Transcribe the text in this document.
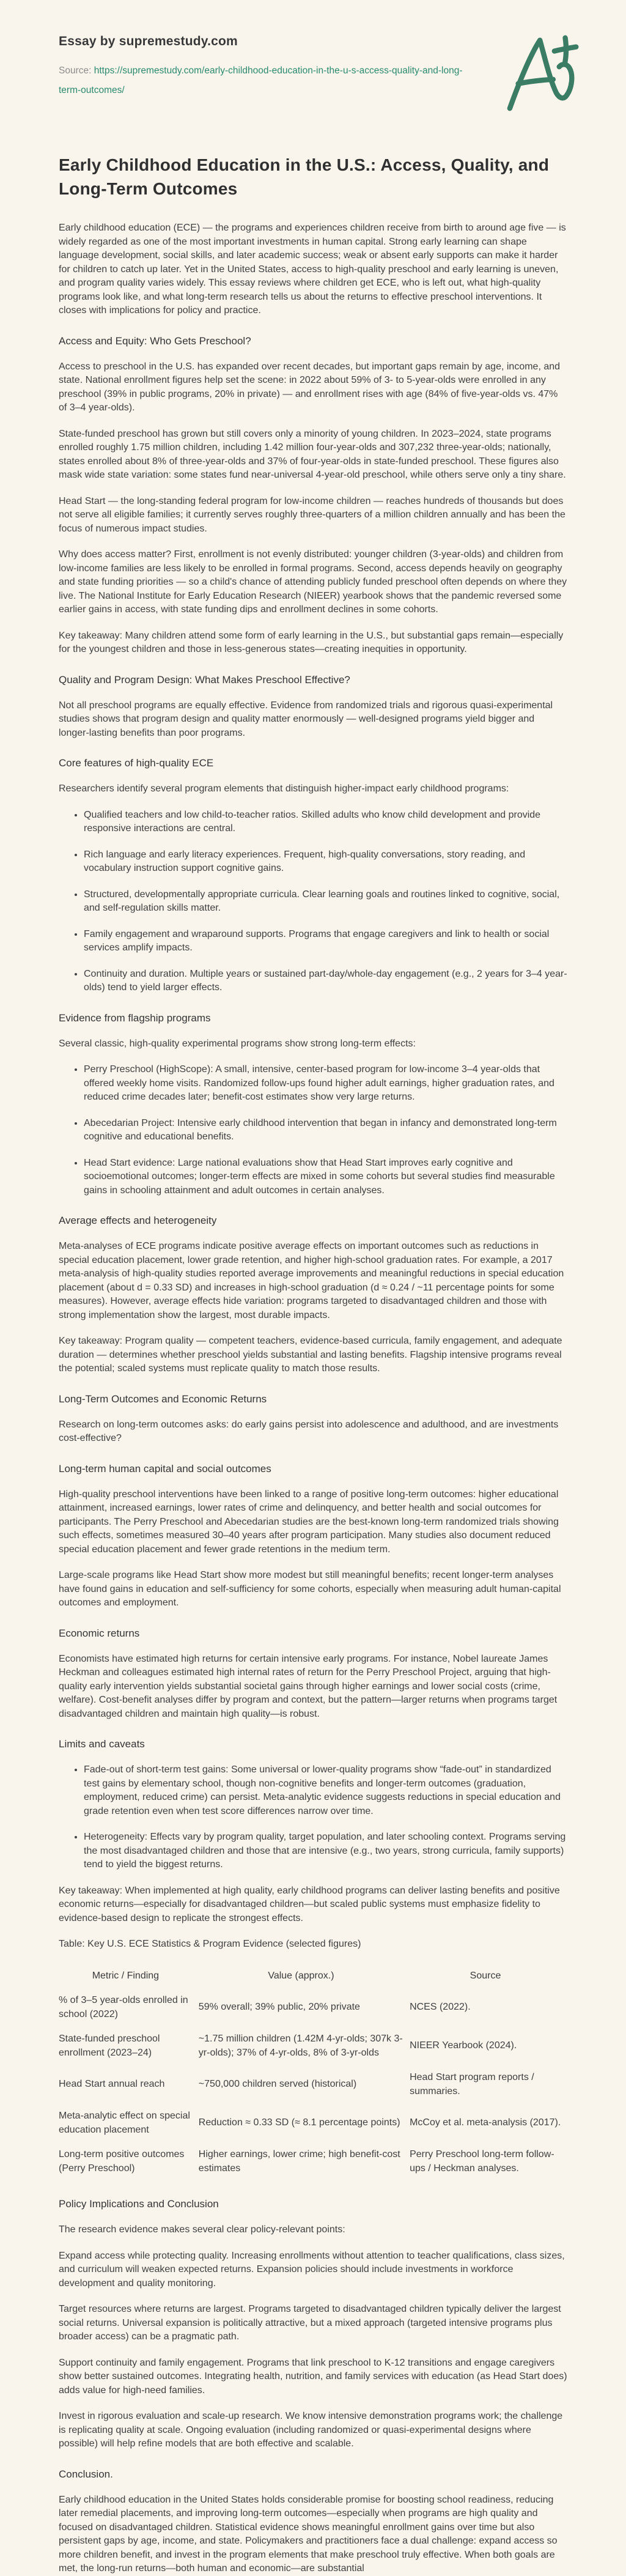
Essay by supremestudy.com
Source: https://supremestudy.com/early-childhood-education-in-the-u-s-access-quality-and-long-term-outcomes/
Early Childhood Education in the U.S.: Access, Quality, and Long-Term Outcomes

Early childhood education (ECE) — the programs and experiences children receive from birth to around age five — is widely regarded as one of the most important investments in human capital. Strong early learning can shape language development, social skills, and later academic success; weak or absent early supports can make it harder for children to catch up later. Yet in the United States, access to high-quality preschool and early learning is uneven, and program quality varies widely. This essay reviews where children get ECE, who is left out, what high-quality programs look like, and what long-term research tells us about the returns to effective preschool interventions. It closes with implications for policy and practice.

Access and Equity: Who Gets Preschool?

Access to preschool in the U.S. has expanded over recent decades, but important gaps remain by age, income, and state. National enrollment figures help set the scene: in 2022 about 59% of 3- to 5-year-olds were enrolled in any preschool (39% in public programs, 20% in private) — and enrollment rises with age (84% of five-year-olds vs. 47% of 3–4 year-olds).

State-funded preschool has grown but still covers only a minority of young children. In 2023–2024, state programs enrolled roughly 1.75 million children, including 1.42 million four-year-olds and 307,232 three-year-olds; nationally, states enrolled about 8% of three-year-olds and 37% of four-year-olds in state-funded preschool. These figures also mask wide state variation: some states fund near-universal 4-year-old preschool, while others serve only a tiny share.

Head Start — the long-standing federal program for low-income children — reaches hundreds of thousands but does not serve all eligible families; it currently serves roughly three-quarters of a million children annually and has been the focus of numerous impact studies.

Why does access matter? First, enrollment is not evenly distributed: younger children (3-year-olds) and children from low-income families are less likely to be enrolled in formal programs. Second, access depends heavily on geography and state funding priorities — so a child's chance of attending publicly funded preschool often depends on where they live. The National Institute for Early Education Research (NIEER) yearbook shows that the pandemic reversed some earlier gains in access, with state funding dips and enrollment declines in some cohorts.

Key takeaway: Many children attend some form of early learning in the U.S., but substantial gaps remain—especially for the youngest children and those in less-generous states—creating inequities in opportunity.

Quality and Program Design: What Makes Preschool Effective?

Not all preschool programs are equally effective. Evidence from randomized trials and rigorous quasi-experimental studies shows that program design and quality matter enormously — well-designed programs yield bigger and longer-lasting benefits than poor programs.

Core features of high-quality ECE

Researchers identify several program elements that distinguish higher-impact early childhood programs:

• Qualified teachers and low child-to-teacher ratios. Skilled adults who know child development and provide responsive interactions are central.
• Rich language and early literacy experiences. Frequent, high-quality conversations, story reading, and vocabulary instruction support cognitive gains.
• Structured, developmentally appropriate curricula. Clear learning goals and routines linked to cognitive, social, and self-regulation skills matter.
• Family engagement and wraparound supports. Programs that engage caregivers and link to health or social services amplify impacts.
• Continuity and duration. Multiple years or sustained part-day/whole-day engagement (e.g., 2 years for 3–4 year-olds) tend to yield larger effects.
Evidence from flagship programs

Several classic, high-quality experimental programs show strong long-term effects:

• Perry Preschool (HighScope): A small, intensive, center-based program for low-income 3–4 year-olds that offered weekly home visits. Randomized follow-ups found higher adult earnings, higher graduation rates, and reduced crime decades later; benefit-cost estimates show very large returns.
• Abecedarian Project: Intensive early childhood intervention that began in infancy and demonstrated long-term cognitive and educational benefits.
• Head Start evidence: Large national evaluations show that Head Start improves early cognitive and socioemotional outcomes; longer-term effects are mixed in some cohorts but several studies find measurable gains in schooling attainment and adult outcomes in certain analyses.
Average effects and heterogeneity

Meta-analyses of ECE programs indicate positive average effects on important outcomes such as reductions in special education placement, lower grade retention, and higher high-school graduation rates. For example, a 2017 meta-analysis of high-quality studies reported average improvements and meaningful reductions in special education placement (about d = 0.33 SD) and increases in high-school graduation (d ≈ 0.24 / ~11 percentage points for some measures). However, average effects hide variation: programs targeted to disadvantaged children and those with strong implementation show the largest, most durable impacts.

Key takeaway: Program quality — competent teachers, evidence-based curricula, family engagement, and adequate duration — determines whether preschool yields substantial and lasting benefits. Flagship intensive programs reveal the potential; scaled systems must replicate quality to match those results.

Long-Term Outcomes and Economic Returns

Research on long-term outcomes asks: do early gains persist into adolescence and adulthood, and are investments cost-effective?

Long-term human capital and social outcomes

High-quality preschool interventions have been linked to a range of positive long-term outcomes: higher educational attainment, increased earnings, lower rates of crime and delinquency, and better health and social outcomes for participants. The Perry Preschool and Abecedarian studies are the best-known long-term randomized trials showing such effects, sometimes measured 30–40 years after program participation. Many studies also document reduced special education placement and fewer grade retentions in the medium term.

Large-scale programs like Head Start show more modest but still meaningful benefits; recent longer-term analyses have found gains in education and self-sufficiency for some cohorts, especially when measuring adult human-capital outcomes and employment.

Economic returns

Economists have estimated high returns for certain intensive early programs. For instance, Nobel laureate James Heckman and colleagues estimated high internal rates of return for the Perry Preschool Project, arguing that high-quality early intervention yields substantial societal gains through higher earnings and lower social costs (crime, welfare). Cost-benefit analyses differ by program and context, but the pattern—larger returns when programs target disadvantaged children and maintain high quality—is robust.

Limits and caveats
• Fade-out of short-term test gains: Some universal or lower-quality programs show “fade-out” in standardized test gains by elementary school, though non-cognitive benefits and longer-term outcomes (graduation, employment, reduced crime) can persist. Meta-analytic evidence suggests reductions in special education and grade retention even when test score differences narrow over time.
• Heterogeneity: Effects vary by program quality, target population, and later schooling context. Programs serving the most disadvantaged children and those that are intensive (e.g., two years, strong curricula, family supports) tend to yield the biggest returns.

Key takeaway: When implemented at high quality, early childhood programs can deliver lasting benefits and positive economic returns—especially for disadvantaged children—but scaled public systems must emphasize fidelity to evidence-based design to replicate the strongest effects.

Table: Key U.S. ECE Statistics & Program Evidence (selected figures)

Metric / Finding	Value (approx.)	Source
% of 3–5 year-olds enrolled in school (2022)	59% overall; 39% public, 20% private	NCES (2022).
State-funded preschool enrollment (2023–24)	~1.75 million children (1.42M 4-yr-olds; 307k 3-yr-olds); 37% of 4-yr-olds, 8% of 3-yr-olds	NIEER Yearbook (2024).
Head Start annual reach	~750,000 children served (historical)	Head Start program reports / summaries.
Meta-analytic effect on special education placement	Reduction ≈ 0.33 SD (≈ 8.1 percentage points)	McCoy et al. meta-analysis (2017).
Long-term positive outcomes (Perry Preschool)	Higher earnings, lower crime; high benefit-cost estimates	Perry Preschool long-term follow-ups / Heckman analyses.
Policy Implications and Conclusion

The research evidence makes several clear policy-relevant points:

Expand access while protecting quality. Increasing enrollments without attention to teacher qualifications, class sizes, and curriculum will weaken expected returns. Expansion policies should include investments in workforce development and quality monitoring.

Target resources where returns are largest. Programs targeted to disadvantaged children typically deliver the largest social returns. Universal expansion is politically attractive, but a mixed approach (targeted intensive programs plus broader access) can be a pragmatic path.

Support continuity and family engagement. Programs that link preschool to K-12 transitions and engage caregivers show better sustained outcomes. Integrating health, nutrition, and family services with education (as Head Start does) adds value for high-need families.

Invest in rigorous evaluation and scale-up research. We know intensive demonstration programs work; the challenge is replicating quality at scale. Ongoing evaluation (including randomized or quasi-experimental designs where possible) will help refine models that are both effective and scalable.

Conclusion.

Early childhood education in the United States holds considerable promise for boosting school readiness, reducing later remedial placements, and improving long-term outcomes—especially when programs are high quality and focused on disadvantaged children. Statistical evidence shows meaningful enrollment gains over time but also persistent gaps by age, income, and state. Policymakers and practitioners face a dual challenge: expand access so more children benefit, and invest in the program elements that make preschool truly effective. When both goals are met, the long-run returns—both human and economic—are substantial
